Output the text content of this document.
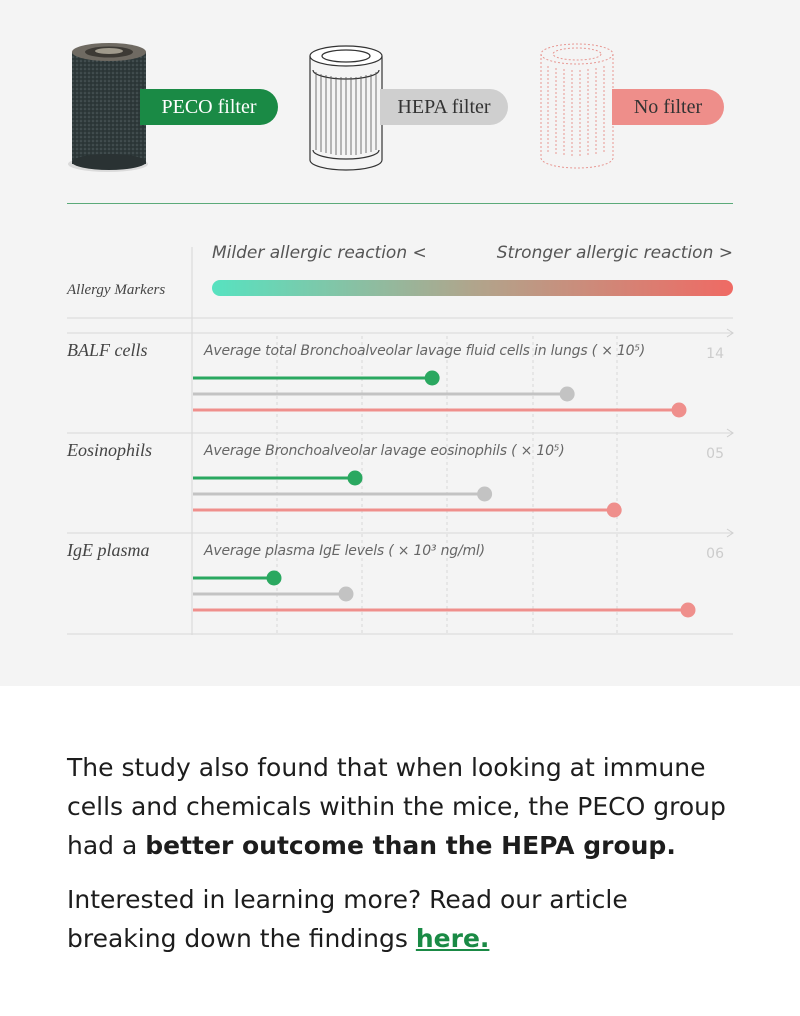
PECO filter	HEPA filter	No filter
Milder allergic reaction <	Stronger allergic reaction >
Allergy Markers
BALF cells	Average total Bronchoalveolar lavage fluid cells in lungs ( × 10⁵)	14
Eosinophils	Average Bronchoalveolar lavage eosinophils ( × 10⁵)	05
IgE plasma	Average plasma IgE levels ( × 10³ ng/ml)	06
The study also found that when looking at immune cells and chemicals within the mice, the PECO group had a better outcome than the HEPA group.
Interested in learning more? Read our article breaking down the findings here.
